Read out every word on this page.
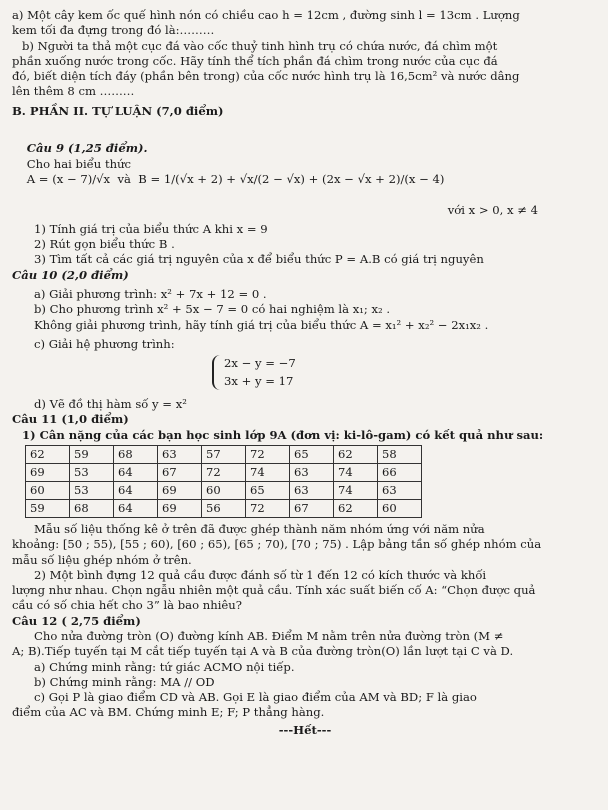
a) Một cây kem ốc quế hình nón có chiều cao h = 12cm , đường sinh l = 13cm . Lượng

kem tối đa đựng trong đó là:………

b) Người ta thả một cục đá vào cốc thuỷ tinh hình trụ có chứa nước, đá chìm một

phần xuống nước trong cốc. Hãy tính thể tích phần đá chìm trong nước của cục đá

đó, biết diện tích đáy (phần bên trong) của cốc nước hình trụ là 16,5cm² và nước dâng

lên thêm 8 cm ………

B. PHẦN II. TỰ LUẬN (7,0 điểm)

Câu 9 (1,25 điểm).
Cho hai biểu thức
A = (x − 7)/√x  và  B = 1/(√x + 2) + √x/(2 − √x) + (2x − √x + 2)/(x − 4)

với x > 0, x ≠ 4

1) Tính giá trị của biểu thức A khi x = 9

2) Rút gọn biểu thức B .

3) Tìm tất cả các giá trị nguyên của x để biểu thức P = A.B có giá trị nguyên

Câu 10 (2,0 điểm)

a) Giải phương trình: x² + 7x + 12 = 0 .

b) Cho phương trình x² + 5x − 7 = 0 có hai nghiệm là x₁; x₂ .

Không giải phương trình, hãy tính giá trị của biểu thức A = x₁² + x₂² − 2x₁x₂ .

c) Giải hệ phương trình:

2x − y = −7

3x + y = 17

d) Vẽ đồ thị hàm số y = x²

Câu 11 (1,0 điểm)

1) Cân nặng của các bạn học sinh lớp 9A (đơn vị: ki-lô-gam) có kết quả như sau:

62	59	68	63	57	72	65	62	58
69	53	64	67	72	74	63	74	66
60	53	64	69	60	65	63	74	63
59	68	64	69	56	72	67	62	60

Mẫu số liệu thống kê ở trên đã được ghép thành năm nhóm ứng với năm nửa

khoảng: [50 ; 55), [55 ; 60), [60 ; 65), [65 ; 70), [70 ; 75) . Lập bảng tần số ghép nhóm của

mẫu số liệu ghép nhóm ở trên.

2) Một bình đựng 12 quả cầu được đánh số từ 1 đến 12 có kích thước và khối

lượng như nhau. Chọn ngẫu nhiên một quả cầu. Tính xác suất biến cố A: “Chọn được quả

cầu có số chia hết cho 3” là bao nhiêu?

Câu 12 ( 2,75 điểm)

Cho nửa đường tròn (O) đường kính AB. Điểm M nằm trên nửa đường tròn (M ≠

A; B).Tiếp tuyến tại M cắt tiếp tuyến tại A và B của đường tròn(O) lần lượt tại C và D.

a) Chứng minh rằng: tứ giác ACMO nội tiếp.

b) Chứng minh rằng: MA // OD

c) Gọi P là giao điểm CD và AB. Gọi E là giao điểm của AM và BD; F là giao

điểm của AC và BM. Chứng minh E; F; P thẳng hàng.

---Hết---
